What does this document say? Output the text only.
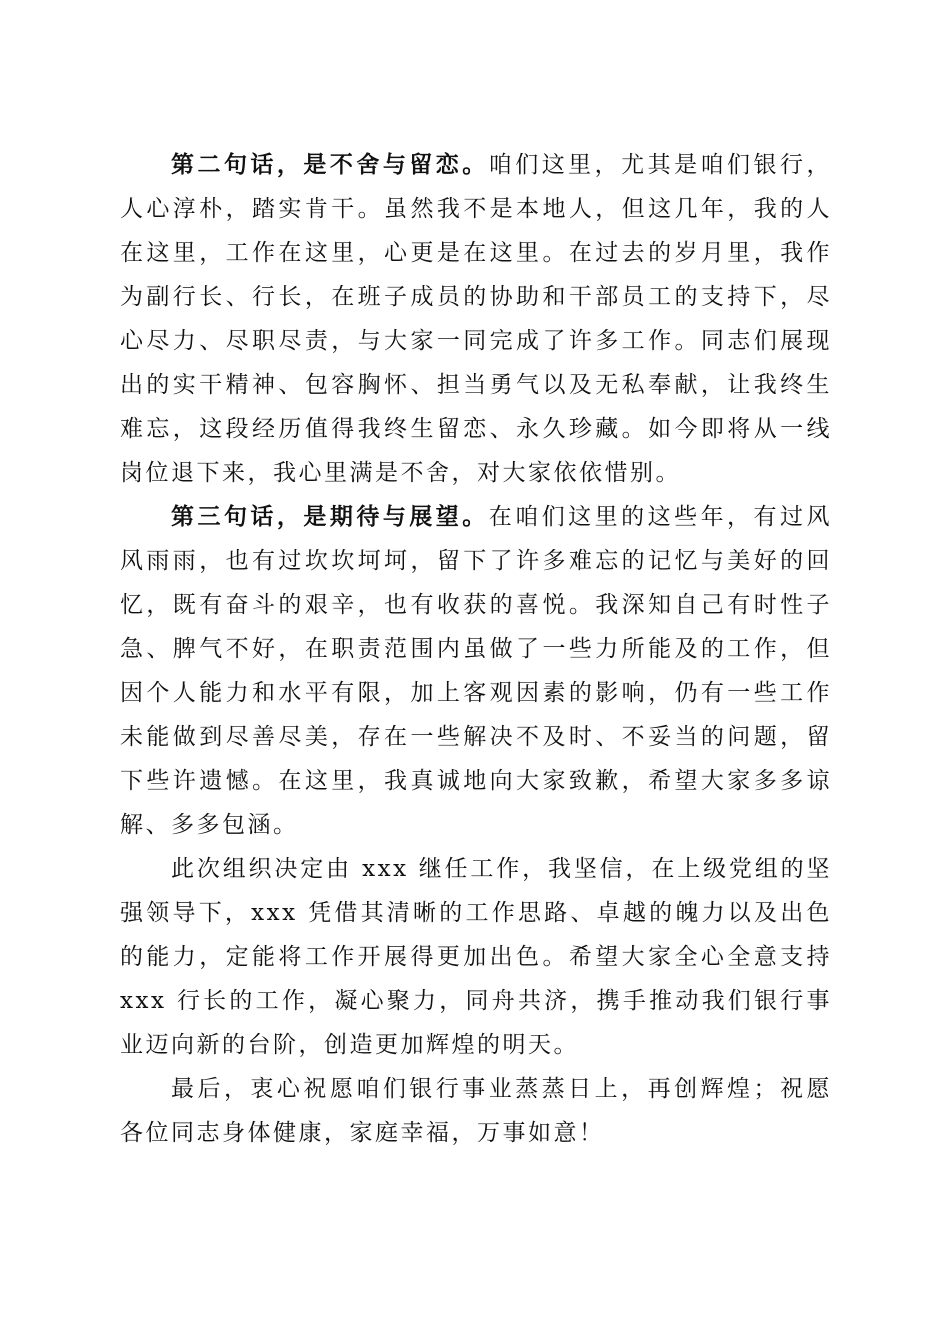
第二句话，是不舍与留恋。咱们这里，尤其是咱们银行，人心淳朴，踏实肯干。虽然我不是本地人，但这几年，我的人在这里，工作在这里，心更是在这里。在过去的岁月里，我作为副行长、行长，在班子成员的协助和干部员工的支持下，尽心尽力、尽职尽责，与大家一同完成了许多工作。同志们展现出的实干精神、包容胸怀、担当勇气以及无私奉献，让我终生难忘，这段经历值得我终生留恋、永久珍藏。如今即将从一线岗位退下来，我心里满是不舍，对大家依依惜别。

第三句话，是期待与展望。在咱们这里的这些年，有过风风雨雨，也有过坎坎坷坷，留下了许多难忘的记忆与美好的回忆，既有奋斗的艰辛，也有收获的喜悦。我深知自己有时性子急、脾气不好，在职责范围内虽做了一些力所能及的工作，但因个人能力和水平有限，加上客观因素的影响，仍有一些工作未能做到尽善尽美，存在一些解决不及时、不妥当的问题，留下些许遗憾。在这里，我真诚地向大家致歉，希望大家多多谅解、多多包涵。

此次组织决定由 xxx 继任工作，我坚信，在上级党组的坚强领导下，xxx 凭借其清晰的工作思路、卓越的魄力以及出色的能力，定能将工作开展得更加出色。希望大家全心全意支持 xxx 行长的工作，凝心聚力，同舟共济，携手推动我们银行事业迈向新的台阶，创造更加辉煌的明天。

最后，衷心祝愿咱们银行事业蒸蒸日上，再创辉煌；祝愿各位同志身体健康，家庭幸福，万事如意！
